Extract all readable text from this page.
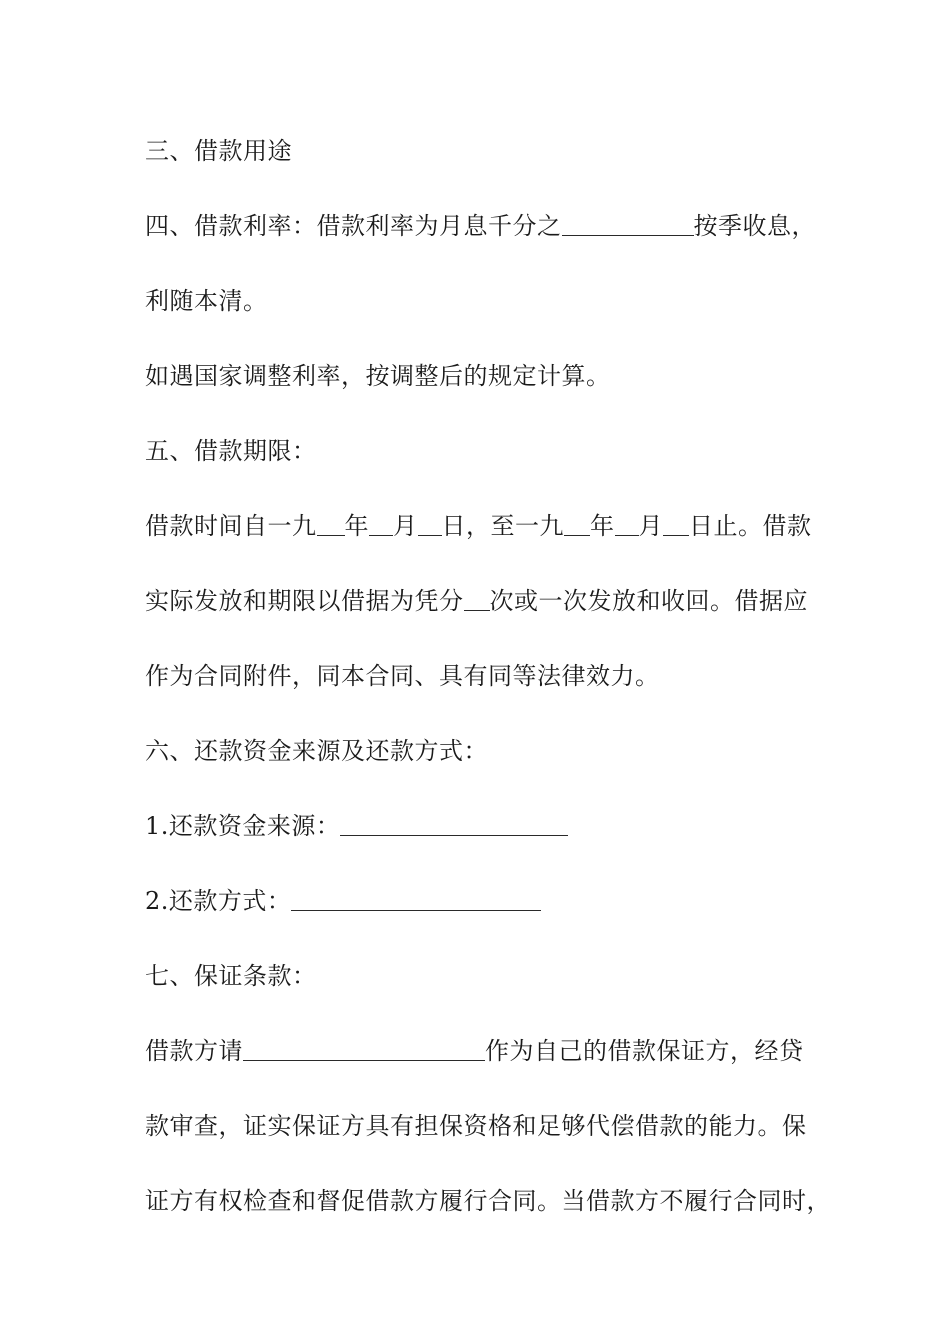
三、借款用途
四、借款利率：借款利率为月息千分之	按季收息，
利随本清。
如遇国家调整利率，按调整后的规定计算。
五、借款期限：
借款时间自一九 年 月 日，至一九 年 月 日止。借款
实际发放和期限以借据为凭分 次或一次发放和收回。借据应
作为合同附件，同本合同、具有同等法律效力。
六、还款资金来源及还款方式：
1.还款资金来源：
2.还款方式：
七、保证条款：
借款方请	作为自己的借款保证方，经贷
款审查，证实保证方具有担保资格和足够代偿借款的能力。保
证方有权检查和督促借款方履行合同。当借款方不履行合同时，
